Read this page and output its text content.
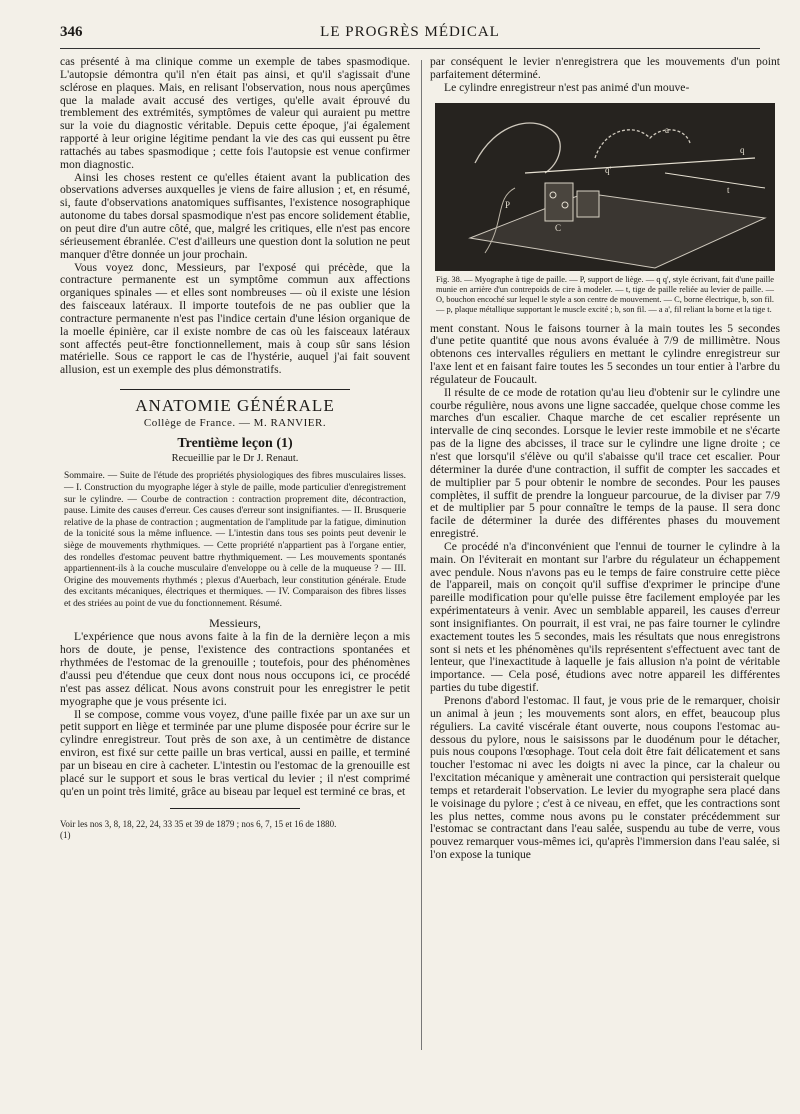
346	LE PROGRÈS MÉDICAL

cas présenté à ma clinique comme un exemple de tabes spasmodique. L'autopsie démontra qu'il n'en était pas ainsi, et qu'il s'agissait d'une sclérose en plaques. Mais, en relisant l'observation, nous nous aperçûmes que la malade avait accusé des vertiges, qu'elle avait éprouvé du tremblement des extrémités, symptômes de valeur qui auraient pu mettre sur la voie du diagnostic véritable. Depuis cette époque, j'ai également rapporté à leur origine légitime pendant la vie des cas qui eussent pu être rattachés au tabes spasmodique ; cette fois l'autopsie est venue confirmer mon diagnostic.

Ainsi les choses restent ce qu'elles étaient avant la publication des observations adverses auxquelles je viens de faire allusion ; et, en résumé, si, faute d'observations anatomiques suffisantes, l'existence nosographique autonome du tabes dorsal spasmodique n'est pas encore solidement établie, on peut dire d'un autre côté, que, malgré les critiques, elle n'est pas encore sérieusement ébranlée. C'est d'ailleurs une question dont la solution ne peut manquer d'être donnée un jour prochain.

Vous voyez donc, Messieurs, par l'exposé qui précède, que la contracture permanente est un symptôme commun aux affections organiques spinales — et elles sont nombreuses — où il existe une lésion des faisceaux latéraux. Il importe toutefois de ne pas oublier que la contracture permanente n'est pas l'indice certain d'une lésion organique de la moelle épinière, car il existe nombre de cas où les faisceaux latéraux sont affectés peut-être fonctionnellement, mais à coup sûr sans lésion matérielle. Sous ce rapport le cas de l'hystérie, auquel j'ai fait souvent allusion, est un exemple des plus démonstratifs.

ANATOMIE GÉNÉRALE
Collège de France. — M. RANVIER.
Trentième leçon (1)
Recueillie par le Dr J. Renaut.
Sommaire. — Suite de l'étude des propriétés physiologiques des fibres musculaires lisses. — I. Construction du myographe léger à style de paille, mode particulier d'enregistrement sur le cylindre. — Courbe de contraction : contraction proprement dite, décontraction, pause. Limite des causes d'erreur. Ces causes d'erreur sont insignifiantes. — II. Brusquerie relative de la phase de contraction ; augmentation de l'amplitude par la fatigue, diminution de la tonicité sous la même influence. — L'intestin dans tous ses points peut devenir le siège de mouvements rhythmiques. — Cette propriété n'appartient pas à l'organe entier, des rondelles d'estomac peuvent battre rhythmiquement. — Les mouvements spontanés appartiennent-ils à la couche musculaire d'enveloppe ou à celle de la muqueuse ? — III. Origine des mouvements rhythmés ; plexus d'Auerbach, leur constitution générale. Etude des excitants mécaniques, électriques et thermiques. — IV. Comparaison des fibres lisses et des striées au point de vue du fonctionnement. Résumé.
Messieurs,

L'expérience que nous avons faite à la fin de la dernière leçon a mis hors de doute, je pense, l'existence des contractions spontanées et rhythmées de l'estomac de la grenouille ; toutefois, pour des phénomènes d'aussi peu d'étendue que ceux dont nous nous occupons ici, ce procédé n'est pas assez délicat. Nous avons construit pour les enregistrer le petit myographe que je vous présente ici.

Il se compose, comme vous voyez, d'une paille fixée par un axe sur un petit support en liège et terminée par une plume disposée pour écrire sur le cylindre enregistreur. Tout près de son axe, à un centimètre de distance environ, est fixé sur cette paille un bras vertical, aussi en paille, et terminé par un biseau en cire à cacheter. L'intestin ou l'estomac de la grenouille est placé sur le support et sous le bras vertical du levier ; il n'est comprimé qu'en un point très limité, grâce au biseau par lequel est terminé ce bras, et

Voir les nos 3, 8, 18, 22, 24, 33 35 et 39 de 1879 ; nos 6, 7, 15 et 16 de 1880.
(1)

par conséquent le levier n'enregistrera que les mouvements d'un point parfaitement déterminé.

Le cylindre enregistreur n'est pas animé d'un mouve-

P
q
q'
t
C
a
Fig. 38. — Myographe à tige de paille. — P, support de liège. — q q', style écrivant, fait d'une paille munie en arrière d'un contrepoids de cire à modeler. — t, tige de paille reliée au levier de paille. — O, bouchon encoché sur lequel le style a son centre de mouvement. — C, borne électrique, b, son fil. — p, plaque métallique supportant le muscle excité ; b, son fil. — a a', fil reliant la borne et la tige t.

ment constant. Nous le faisons tourner à la main toutes les 5 secondes d'une petite quantité que nous avons évaluée à 7/9 de millimètre. Nous obtenons ces intervalles réguliers en mettant le cylindre enregistreur sur l'axe lent et en faisant faire toutes les 5 secondes un tour entier à l'arbre du régulateur de Foucault.

Il résulte de ce mode de rotation qu'au lieu d'obtenir sur le cylindre une courbe régulière, nous avons une ligne saccadée, quelque chose comme les marches d'un escalier. Chaque marche de cet escalier représente un intervalle de cinq secondes. Lorsque le levier reste immobile et ne s'écarte pas de la ligne des abcisses, il trace sur le cylindre une ligne droite ; ce n'est que lorsqu'il s'élève ou qu'il s'abaisse qu'il trace cet escalier. Pour déterminer la durée d'une contraction, il suffit de compter les saccades et de multiplier par 5 pour obtenir le nombre de secondes. Pour les pauses complètes, il suffit de prendre la longueur parcourue, de la diviser par 7/9 et de multiplier par 5 pour connaître le temps de la pause. Il sera donc facile de déterminer la durée des différentes phases du mouvement enregistré.

Ce procédé n'a d'inconvénient que l'ennui de tourner le cylindre à la main. On l'éviterait en montant sur l'arbre du régulateur un échappement avec pendule. Nous n'avons pas eu le temps de faire construire cette pièce de l'appareil, mais on conçoit qu'il suffise d'exprimer le principe d'une pareille modification pour qu'elle puisse être facilement employée par les expérimentateurs à venir. Avec un semblable appareil, les causes d'erreur sont insignifiantes. On pourrait, il est vrai, ne pas faire tourner le cylindre exactement toutes les 5 secondes, mais les résultats que nous enregistrons sont si nets et les phénomènes qu'ils représentent s'effectuent avec tant de lenteur, que l'inexactitude à laquelle je fais allusion n'a point de véritable importance. — Cela posé, étudions avec notre appareil les différentes parties du tube digestif.

Prenons d'abord l'estomac. Il faut, je vous prie de le remarquer, choisir un animal à jeun ; les mouvements sont alors, en effet, beaucoup plus réguliers. La cavité viscérale étant ouverte, nous coupons l'estomac au-dessous du pylore, nous le saisissons par le duodénum pour le détacher, puis nous coupons l'œsophage. Tout cela doit être fait délicatement et sans toucher l'estomac ni avec les doigts ni avec la pince, car la chaleur ou l'excitation mécanique y amènerait une contraction qui persisterait quelque temps et retarderait l'observation. Le levier du myographe sera placé dans le voisinage du pylore ; c'est à ce niveau, en effet, que les contractions sont les plus nettes, comme nous avons pu le constater précédemment sur l'estomac se contractant dans l'eau salée, suspendu au tube de verre, vous pouvez remarquer vous-mêmes ici, qu'après l'immersion dans l'eau salée, si l'on expose la tunique
